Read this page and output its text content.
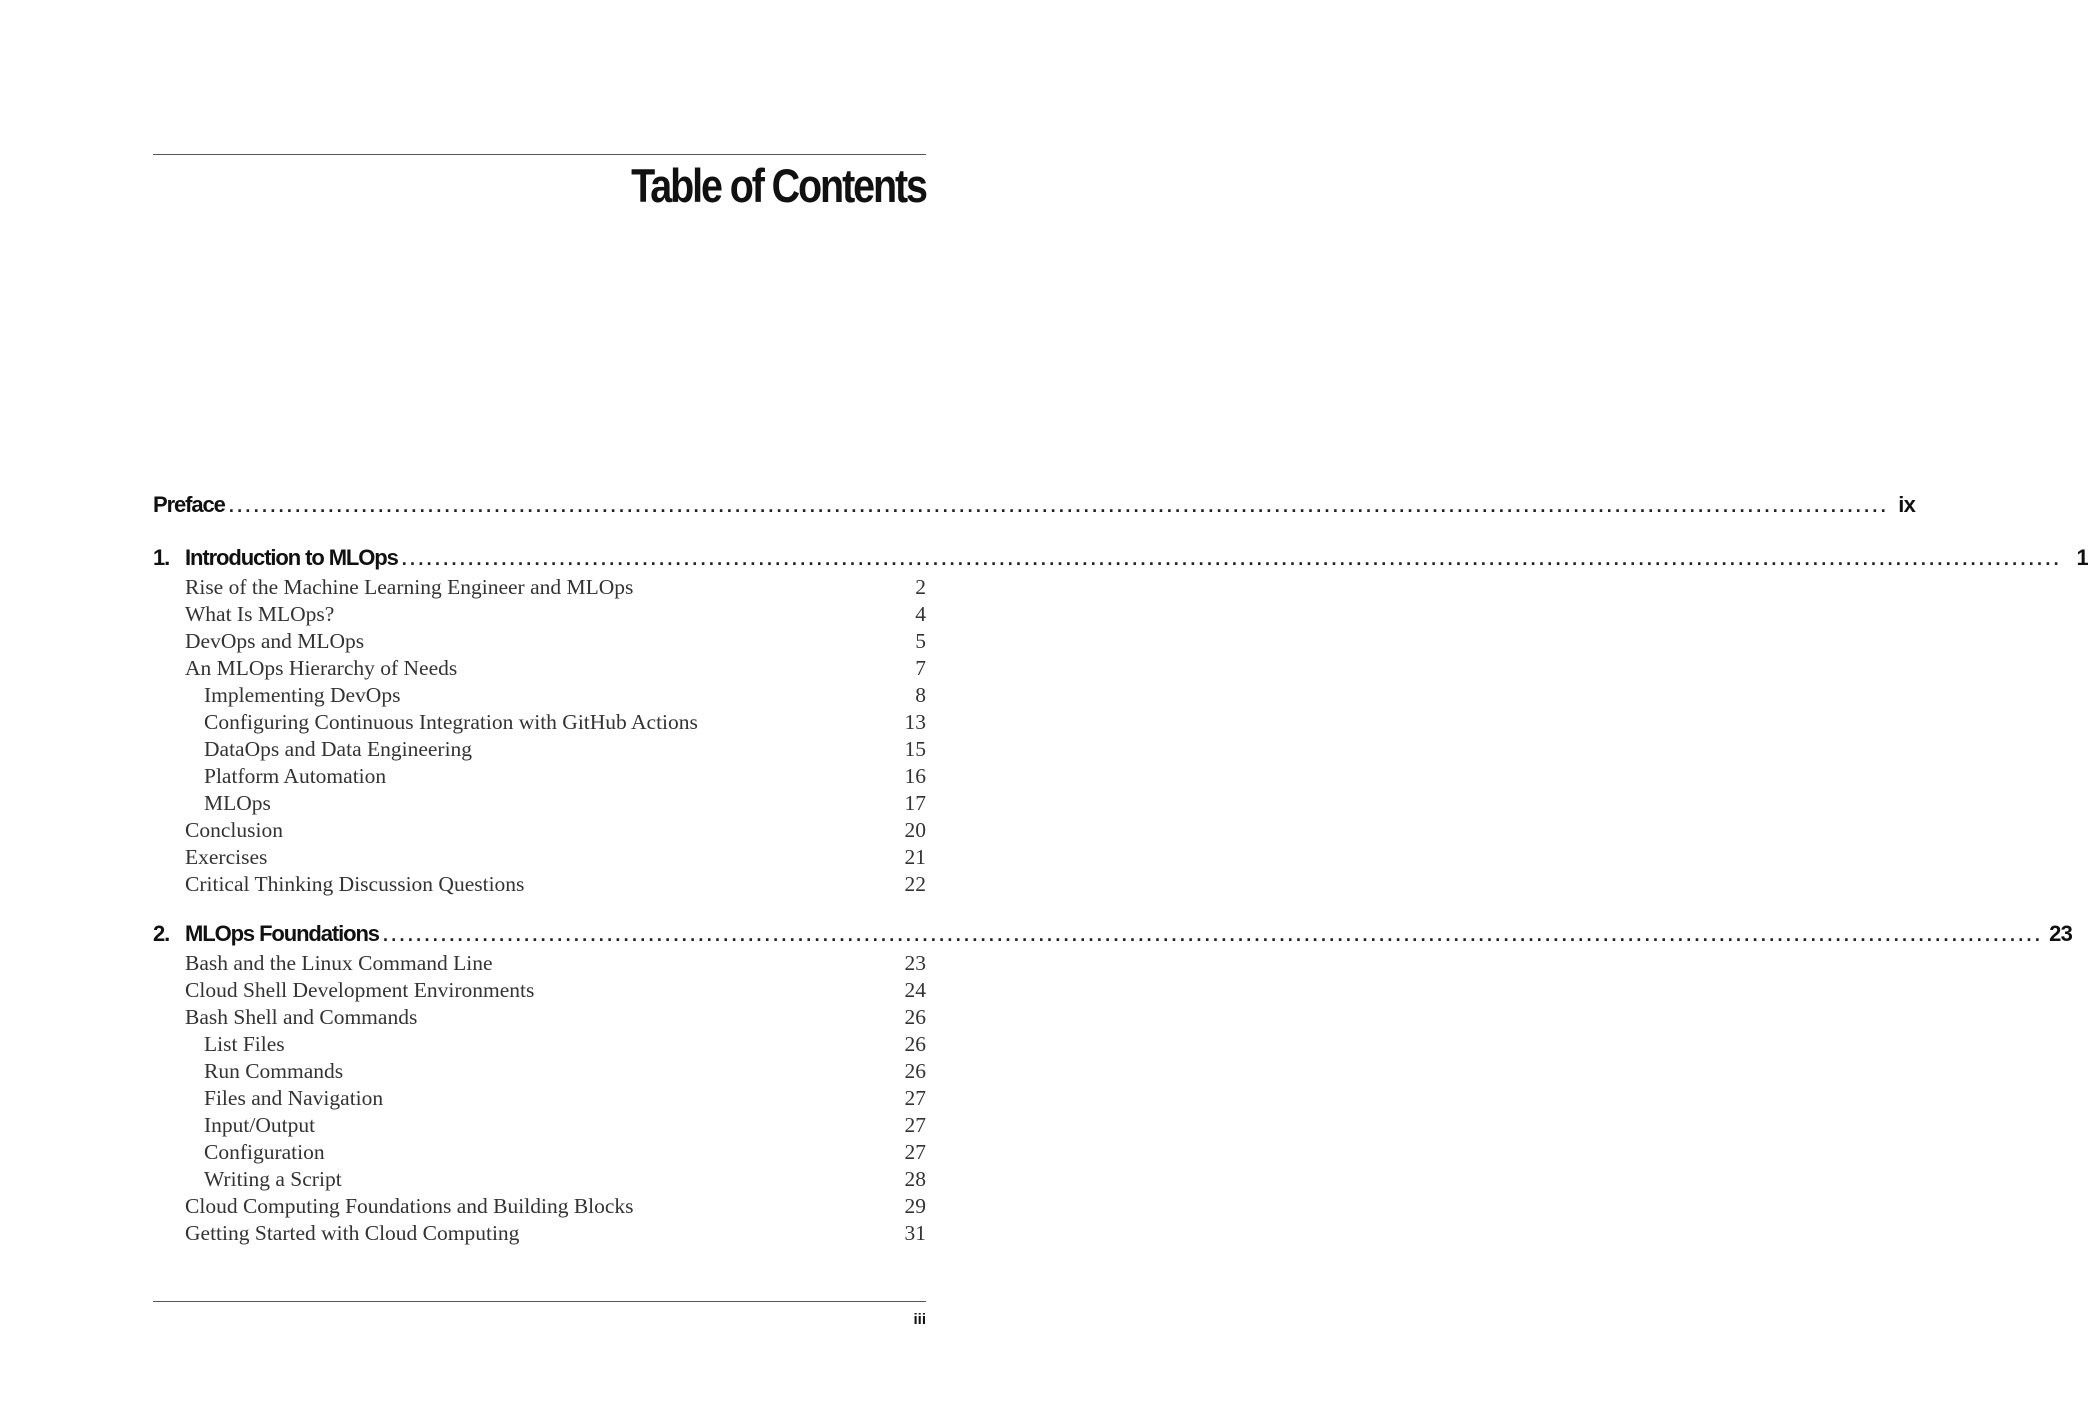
Table of Contents
Preface ........................................................................................................................................................................................................ ix
1. Introduction to MLOps ........................................................................................................................................................................................................ 1
Rise of the Machine Learning Engineer and MLOps	2
What Is MLOps?	4
DevOps and MLOps	5
An MLOps Hierarchy of Needs	7
Implementing DevOps	8
Configuring Continuous Integration with GitHub Actions	13
DataOps and Data Engineering	15
Platform Automation	16
MLOps	17
Conclusion	20
Exercises	21
Critical Thinking Discussion Questions	22
2. MLOps Foundations ........................................................................................................................................................................................................ 23
Bash and the Linux Command Line	23
Cloud Shell Development Environments	24
Bash Shell and Commands	26
List Files	26
Run Commands	26
Files and Navigation	27
Input/Output	27
Configuration	27
Writing a Script	28
Cloud Computing Foundations and Building Blocks	29
Getting Started with Cloud Computing	31
iii
